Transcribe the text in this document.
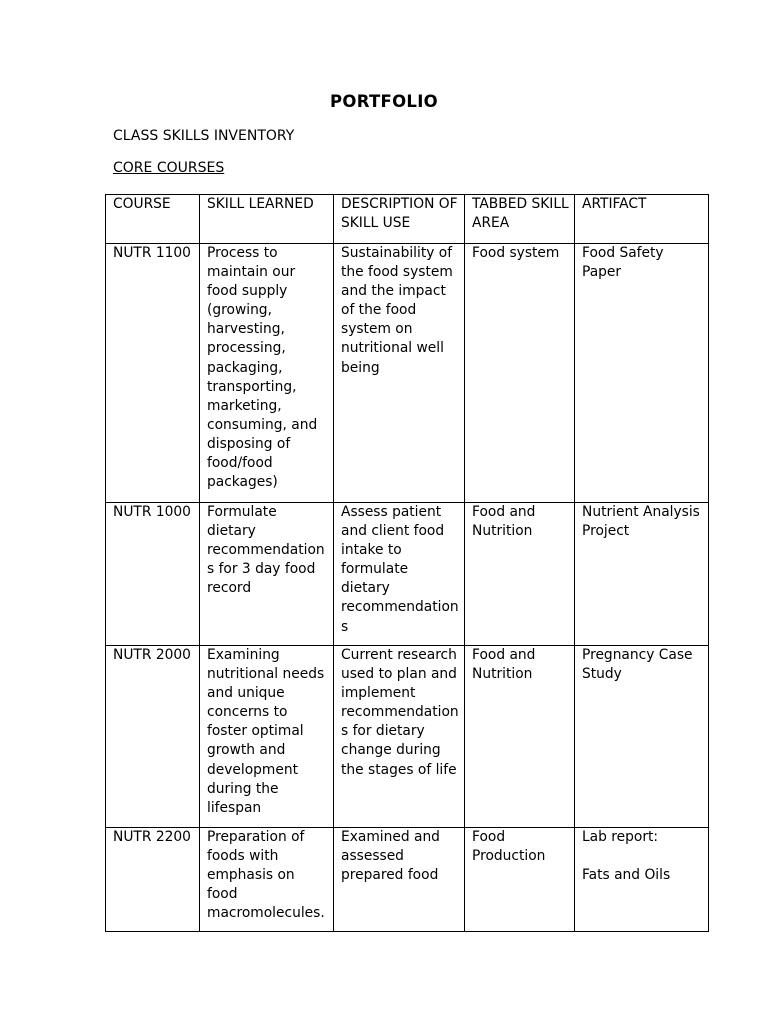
PORTFOLIO
CLASS SKILLS INVENTORY
CORE COURSES
COURSE	SKILL LEARNED	DESCRIPTION OF SKILL USE	TABBED SKILL AREA	ARTIFACT
NUTR 1100	Process to maintain our food supply (growing, harvesting, processing, packaging, transporting, marketing, consuming, and disposing of food/food packages)	Sustainability of the food system and the impact of the food system on nutritional well being	Food system	Food Safety Paper
NUTR 1000	Formulate dietary recommendations for 3 day food record	Assess patient and client food intake to formulate dietary recommendations	Food and Nutrition	Nutrient Analysis Project
NUTR 2000	Examining nutritional needs and unique concerns to foster optimal growth and development during the lifespan	Current research used to plan and implement recommendations for dietary change during the stages of life	Food and Nutrition	Pregnancy Case Study
NUTR 2200	Preparation of foods with emphasis on food macromolecules.	Examined and assessed prepared food	Food Production	Lab report:
Fats and Oils
